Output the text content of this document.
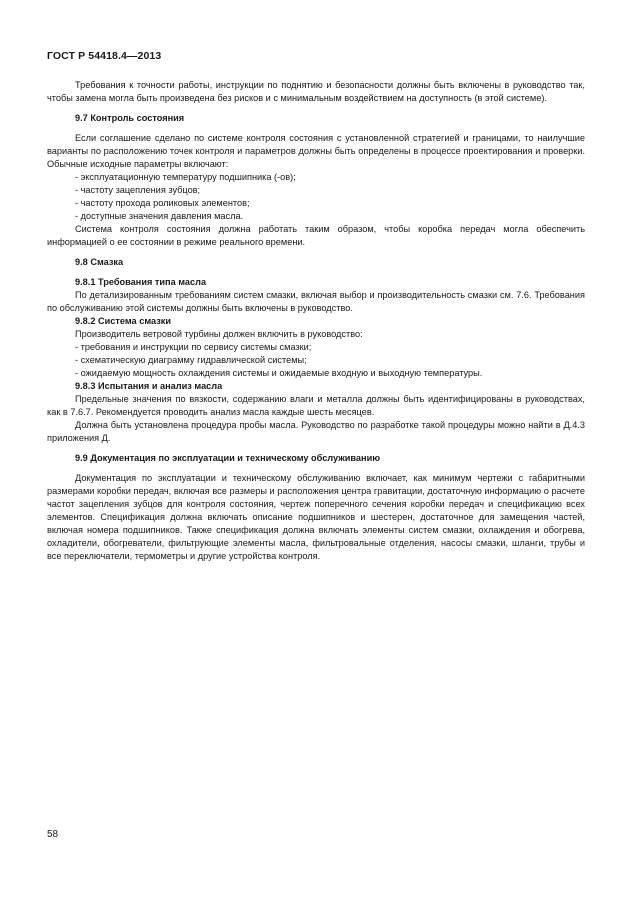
ГОСТ Р 54418.4—2013

Требования к точности работы, инструкции по поднятию и безопасности должны быть включены в руководство так, чтобы замена могла быть произведена без рисков и с минимальным воздействием на доступность (в этой системе).

9.7 Контроль состояния

Если соглашение сделано по системе контроля состояния с установленной стратегией и границами, то наилучшие варианты по расположению точек контроля и параметров должны быть определены в процессе проектирования и проверки. Обычные исходные параметры включают:

- эксплуатационную температуру подшипника (-ов);

- частоту зацепления зубцов;

- частоту прохода роликовых элементов;

- доступные значения давления масла.

Система контроля состояния должна работать таким образом, чтобы коробка передач могла обеспечить информацией о ее состоянии в режиме реального времени.

9.8 Смазка

9.8.1 Требования типа масла

По детализированным требованиям систем смазки, включая выбор и производительность смазки см. 7.6. Требования по обслуживанию этой системы должны быть включены в руководство.

9.8.2 Система смазки

Производитель ветровой турбины должен включить в руководство:

- требования и инструкции по сервису системы смазки;

- схематическую диаграмму гидравлической системы;

- ожидаемую мощность охлаждения системы и ожидаемые входную и выходную температуры.

9.8.3 Испытания и анализ масла

Предельные значения по вязкости, содержанию влаги и металла должны быть идентифицированы в руководствах, как в 7.6.7. Рекомендуется проводить анализ масла каждые шесть месяцев.

Должна быть установлена процедура пробы масла. Руководство по разработке такой процедуры можно найти в Д.4.3 приложения Д.

9.9 Документация по эксплуатации и техническому обслуживанию

Документация по эксплуатации и техническому обслуживанию включает, как минимум чертежи с габаритными размерами коробки передач, включая все размеры и расположения центра гравитации, достаточную информацию о расчете частот зацепления зубцов для контроля состояния, чертеж поперечного сечения коробки передач и спецификацию всех элементов. Спецификация должна включать описание подшипников и шестерен, достаточное для замещения частей, включая номера подшипников. Также спецификация должна включать элементы систем смазки, охлаждения и обогрева, охладители, обогреватели, фильтрующие элементы масла, фильтровальные отделения, насосы смазки, шланги, трубы и все переключатели, термометры и другие устройства контроля.

58
